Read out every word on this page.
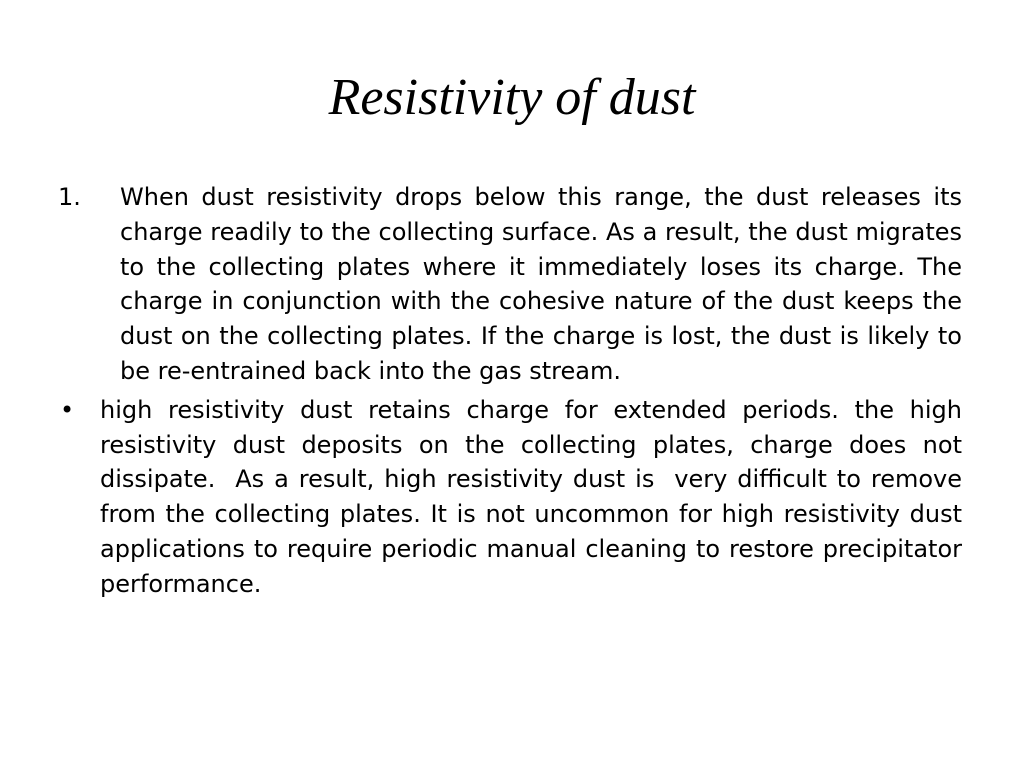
Resistivity of dust
1. When dust resistivity drops below this range, the dust releases its charge readily to the collecting surface. As a result, the dust migrates to the collecting plates where it immediately loses its charge. The charge in conjunction with the cohesive nature of the dust keeps the dust on the collecting plates. If the charge is lost, the dust is likely to be re-entrained back into the gas stream.
• high resistivity dust retains charge for extended periods. the high resistivity dust deposits on the collecting plates, charge does not dissipate.  As a result, high resistivity dust is  very difficult to remove from the collecting plates. It is not uncommon for high resistivity dust applications to require periodic manual cleaning to restore precipitator performance.
